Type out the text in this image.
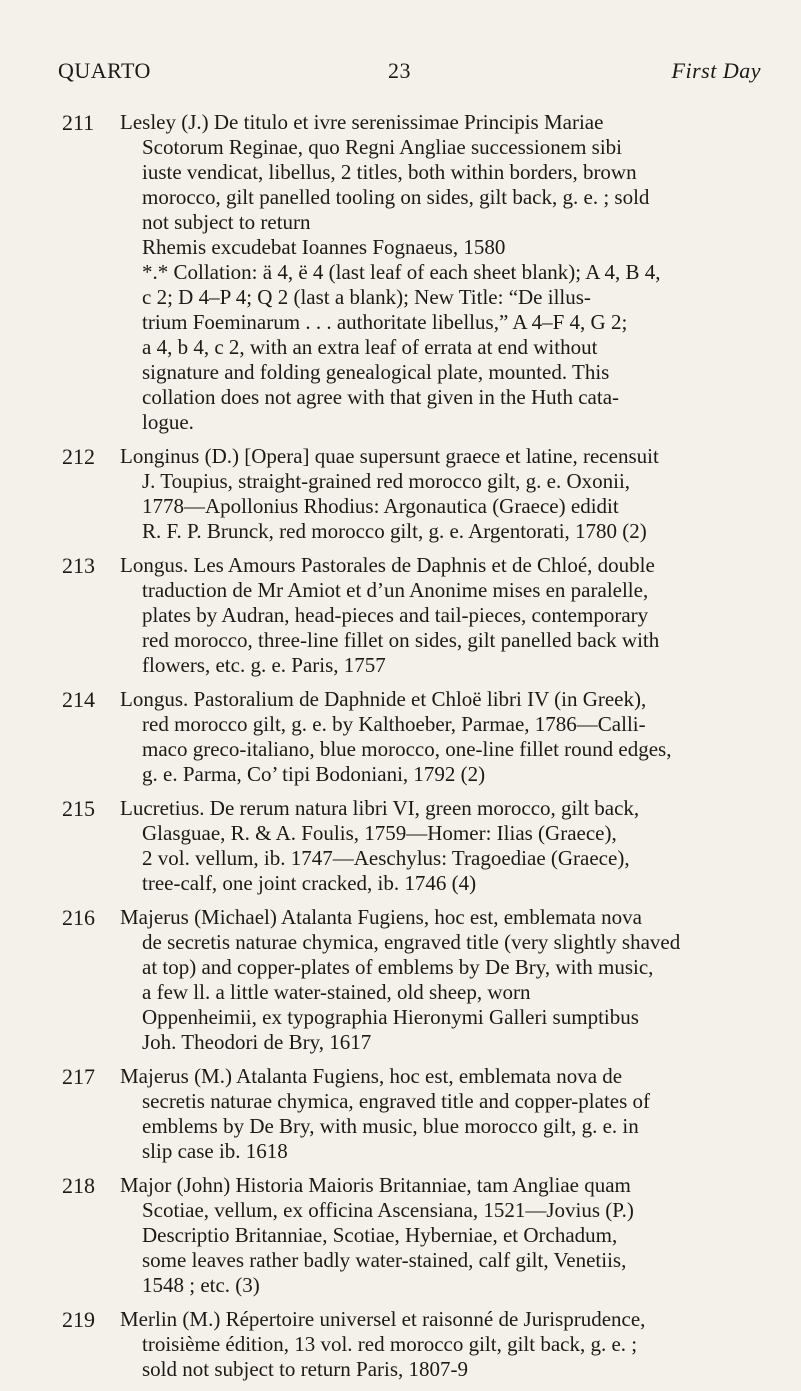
QUARTO	23	First Day
211 Lesley (J.) De titulo et ivre serenissimae Principis Mariae
Scotorum Reginae, quo Regni Angliae successionem sibi
iuste vendicat, libellus, 2 titles, both within borders, brown
morocco, gilt panelled tooling on sides, gilt back, g. e. ; sold
not subject to return
Rhemis excudebat Ioannes Fognaeus, 1580
*.* Collation: ä 4, ë 4 (last leaf of each sheet blank); A 4, B 4,
c 2; D 4–P 4; Q 2 (last a blank); New Title: “De illus-
trium Foeminarum . . . authoritate libellus,” A 4–F 4, G 2;
a 4, b 4, c 2, with an extra leaf of errata at end without
signature and folding genealogical plate, mounted. This
collation does not agree with that given in the Huth cata-
logue.
212 Longinus (D.) [Opera] quae supersunt graece et latine, recensuit
J. Toupius, straight-grained red morocco gilt, g. e. Oxonii,
1778—Apollonius Rhodius: Argonautica (Graece) edidit
R. F. P. Brunck, red morocco gilt, g. e. Argentorati, 1780 (2)
213 Longus. Les Amours Pastorales de Daphnis et de Chloé, double
traduction de Mr Amiot et d’un Anonime mises en paralelle,
plates by Audran, head-pieces and tail-pieces, contemporary
red morocco, three-line fillet on sides, gilt panelled back with
flowers, etc. g. e. Paris, 1757
214 Longus. Pastoralium de Daphnide et Chloë libri IV (in Greek),
red morocco gilt, g. e. by Kalthoeber, Parmae, 1786—Calli-
maco greco-italiano, blue morocco, one-line fillet round edges,
g. e. Parma, Co’ tipi Bodoniani, 1792 (2)
215 Lucretius. De rerum natura libri VI, green morocco, gilt back,
Glasguae, R. & A. Foulis, 1759—Homer: Ilias (Graece),
2 vol. vellum, ib. 1747—Aeschylus: Tragoediae (Graece),
tree-calf, one joint cracked, ib. 1746 (4)
216 Majerus (Michael) Atalanta Fugiens, hoc est, emblemata nova
de secretis naturae chymica, engraved title (very slightly shaved
at top) and copper-plates of emblems by De Bry, with music,
a few ll. a little water-stained, old sheep, worn
Oppenheimii, ex typographia Hieronymi Galleri sumptibus
Joh. Theodori de Bry, 1617
217 Majerus (M.) Atalanta Fugiens, hoc est, emblemata nova de
secretis naturae chymica, engraved title and copper-plates of
emblems by De Bry, with music, blue morocco gilt, g. e. in
slip case ib. 1618
218 Major (John) Historia Maioris Britanniae, tam Angliae quam
Scotiae, vellum, ex officina Ascensiana, 1521—Jovius (P.)
Descriptio Britanniae, Scotiae, Hyberniae, et Orchadum,
some leaves rather badly water-stained, calf gilt, Venetiis,
1548 ; etc. (3)
219 Merlin (M.) Répertoire universel et raisonné de Jurisprudence,
troisième édition, 13 vol. red morocco gilt, gilt back, g. e. ;
sold not subject to return Paris, 1807-9
